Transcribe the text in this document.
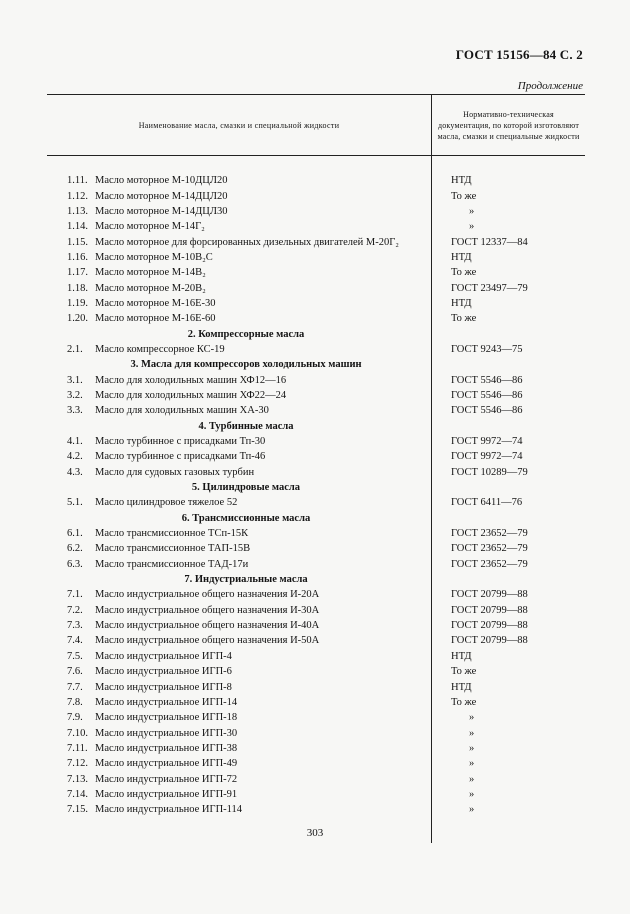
ГОСТ 15156—84 С. 2
Продолжение
Наименование масла, смазки и специальной жидкости
Нормативно-техническая документация, по которой изготовляют масла, смазки и специальные жидкости
1.11. Масло моторное М-10ДЦЛ20	НТД
1.12. Масло моторное М-14ДЦЛ20	То же
1.13. Масло моторное М-14ДЦЛ30	»
1.14. Масло моторное М-14Г₂	»
1.15. Масло моторное для форсированных дизельных двигателей М-20Г₂	ГОСТ 12337—84
1.16. Масло моторное М-10В₂С	НТД
1.17. Масло моторное М-14В₂	То же
1.18. Масло моторное М-20В₂	ГОСТ 23497—79
1.19. Масло моторное М-16Е-30	НТД
1.20. Масло моторное М-16Е-60	То же
2. Компрессорные масла
2.1.	Масло компрессорное КС-19	ГОСТ 9243—75
3. Масла для компрессоров холодильных машин
3.1.	Масло для холодильных машин ХФ12—16	ГОСТ 5546—86
3.2.	Масло для холодильных машин ХФ22—24	ГОСТ 5546—86
3.3.	Масло для холодильных машин ХА-30	ГОСТ 5546—86
4. Турбинные масла
4.1.	Масло турбинное с присадками Тп-30	ГОСТ 9972—74
4.2.	Масло турбинное с присадками Тп-46	ГОСТ 9972—74
4.3.	Масло для судовых газовых турбин	ГОСТ 10289—79
5. Цилиндровые масла
5.1.	Масло цилиндровое тяжелое 52	ГОСТ 6411—76
6. Трансмиссионные масла
6.1.	Масло трансмиссионное ТСп-15К	ГОСТ 23652—79
6.2.	Масло трансмиссионное ТАП-15В	ГОСТ 23652—79
6.3.	Масло трансмиссионное ТАД-17и	ГОСТ 23652—79
7. Индустриальные масла
7.1.	Масло индустриальное общего назначения И-20А	ГОСТ 20799—88
7.2.	Масло индустриальное общего назначения И-30А	ГОСТ 20799—88
7.3.	Масло индустриальное общего назначения И-40А	ГОСТ 20799—88
7.4.	Масло индустриальное общего назначения И-50А	ГОСТ 20799—88
7.5.	Масло индустриальное ИГП-4	НТД
7.6.	Масло индустриальное ИГП-6	То же
7.7.	Масло индустриальное ИГП-8	НТД
7.8.	Масло индустриальное ИГП-14	То же
7.9.	Масло индустриальное ИГП-18	»
7.10. Масло индустриальное ИГП-30	»
7.11. Масло индустриальное ИГП-38	»
7.12. Масло индустриальное ИГП-49	»
7.13. Масло индустриальное ИГП-72	»
7.14. Масло индустриальное ИГП-91	»
7.15. Масло индустриальное ИГП-114	»
303
